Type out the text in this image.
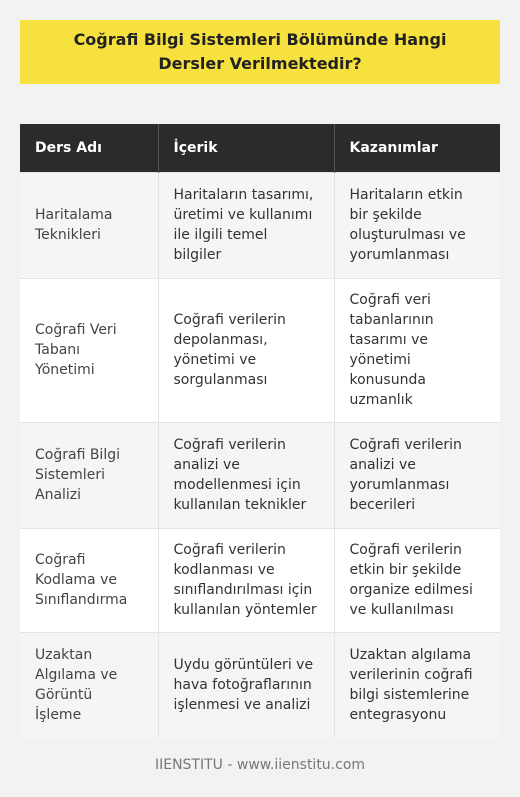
Coğrafi Bilgi Sistemleri Bölümünde Hangi Dersler Verilmektedir?
Ders Adı	İçerik	Kazanımlar
Haritalama Teknikleri	Haritaların tasarımı, üretimi ve kullanımı ile ilgili temel bilgiler	Haritaların etkin bir şekilde oluşturulması ve yorumlanması
Coğrafi Veri Tabanı Yönetimi	Coğrafi verilerin depolanması, yönetimi ve sorgulanması	Coğrafi veri tabanlarının tasarımı ve yönetimi konusunda uzmanlık
Coğrafi Bilgi Sistemleri Analizi	Coğrafi verilerin analizi ve modellenmesi için kullanılan teknikler	Coğrafi verilerin analizi ve yorumlanması becerileri
Coğrafi Kodlama ve Sınıflandırma	Coğrafi verilerin kodlanması ve sınıflandırılması için kullanılan yöntemler	Coğrafi verilerin etkin bir şekilde organize edilmesi ve kullanılması
Uzaktan Algılama ve Görüntü İşleme	Uydu görüntüleri ve hava fotoğraflarının işlenmesi ve analizi	Uzaktan algılama verilerinin coğrafi bilgi sistemlerine entegrasyonu
IIENSTITU - www.iienstitu.com
